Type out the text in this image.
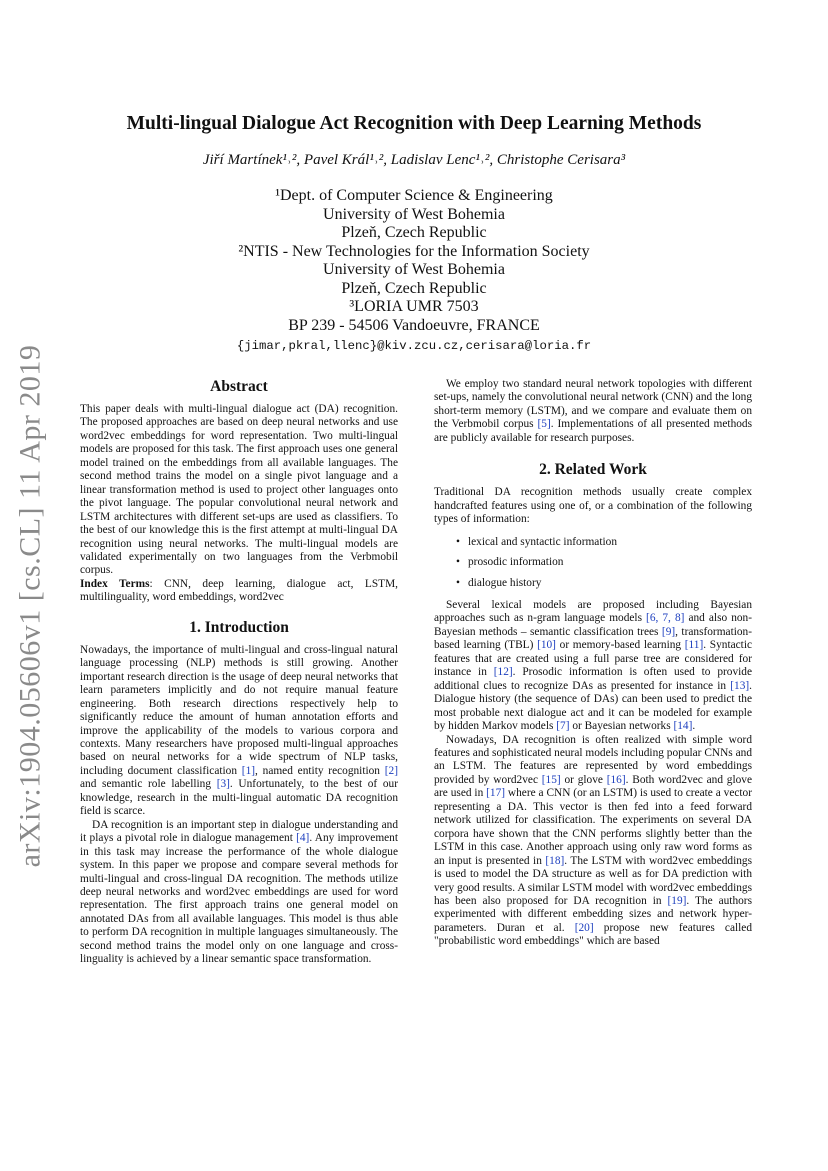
arXiv:1904.05606v1 [cs.CL] 11 Apr 2019
Multi-lingual Dialogue Act Recognition with Deep Learning Methods
Jiří Martínek¹˒², Pavel Král¹˒², Ladislav Lenc¹˒², Christophe Cerisara³
¹Dept. of Computer Science & Engineering
University of West Bohemia
Plzeň, Czech Republic
²NTIS - New Technologies for the Information Society
University of West Bohemia
Plzeň, Czech Republic
³LORIA UMR 7503
BP 239 - 54506 Vandoeuvre, FRANCE
{jimar,pkral,llenc}@kiv.zcu.cz,cerisara@loria.fr
Abstract

This paper deals with multi-lingual dialogue act (DA) recognition. The proposed approaches are based on deep neural networks and use word2vec embeddings for word representation. Two multi-lingual models are proposed for this task. The first approach uses one general model trained on the embeddings from all available languages. The second method trains the model on a single pivot language and a linear transformation method is used to project other languages onto the pivot language. The popular convolutional neural network and LSTM architectures with different set-ups are used as classifiers. To the best of our knowledge this is the first attempt at multi-lingual DA recognition using neural networks. The multi-lingual models are validated experimentally on two languages from the Verbmobil corpus.
Index Terms: CNN, deep learning, dialogue act, LSTM, multilinguality, word embeddings, word2vec

1. Introduction

Nowadays, the importance of multi-lingual and cross-lingual natural language processing (NLP) methods is still growing. Another important research direction is the usage of deep neural networks that learn parameters implicitly and do not require manual feature engineering. Both research directions respectively help to significantly reduce the amount of human annotation efforts and improve the applicability of the models to various corpora and contexts. Many researchers have proposed multi-lingual approaches based on neural networks for a wide spectrum of NLP tasks, including document classification [1], named entity recognition [2] and semantic role labelling [3]. Unfortunately, to the best of our knowledge, research in the multi-lingual automatic DA recognition field is scarce.

DA recognition is an important step in dialogue understanding and it plays a pivotal role in dialogue management [4]. Any improvement in this task may increase the performance of the whole dialogue system. In this paper we propose and compare several methods for multi-lingual and cross-lingual DA recognition. The methods utilize deep neural networks and word2vec embeddings are used for word representation. The first approach trains one general model on annotated DAs from all available languages. This model is thus able to perform DA recognition in multiple languages simultaneously. The second method trains the model only on one language and cross-linguality is achieved by a linear semantic space transformation.

We employ two standard neural network topologies with different set-ups, namely the convolutional neural network (CNN) and the long short-term memory (LSTM), and we compare and evaluate them on the Verbmobil corpus [5]. Implementations of all presented methods are publicly available for research purposes.

2. Related Work

Traditional DA recognition methods usually create complex handcrafted features using one of, or a combination of the following types of information:

• lexical and syntactic information
• prosodic information
• dialogue history

Several lexical models are proposed including Bayesian approaches such as n-gram language models [6, 7, 8] and also non-Bayesian methods – semantic classification trees [9], transformation-based learning (TBL) [10] or memory-based learning [11]. Syntactic features that are created using a full parse tree are considered for instance in [12]. Prosodic information is often used to provide additional clues to recognize DAs as presented for instance in [13]. Dialogue history (the sequence of DAs) can been used to predict the most probable next dialogue act and it can be modeled for example by hidden Markov models [7] or Bayesian networks [14].

Nowadays, DA recognition is often realized with simple word features and sophisticated neural models including popular CNNs and an LSTM. The features are represented by word embeddings provided by word2vec [15] or glove [16]. Both word2vec and glove are used in [17] where a CNN (or an LSTM) is used to create a vector representing a DA. This vector is then fed into a feed forward network utilized for classification. The experiments on several DA corpora have shown that the CNN performs slightly better than the LSTM in this case. Another approach using only raw word forms as an input is presented in [18]. The LSTM with word2vec embeddings is used to model the DA structure as well as for DA prediction with very good results. A similar LSTM model with word2vec embeddings has been also proposed for DA recognition in [19]. The authors experimented with different embedding sizes and network hyper-parameters. Duran et al. [20] propose new features called "probabilistic word embeddings" which are based
